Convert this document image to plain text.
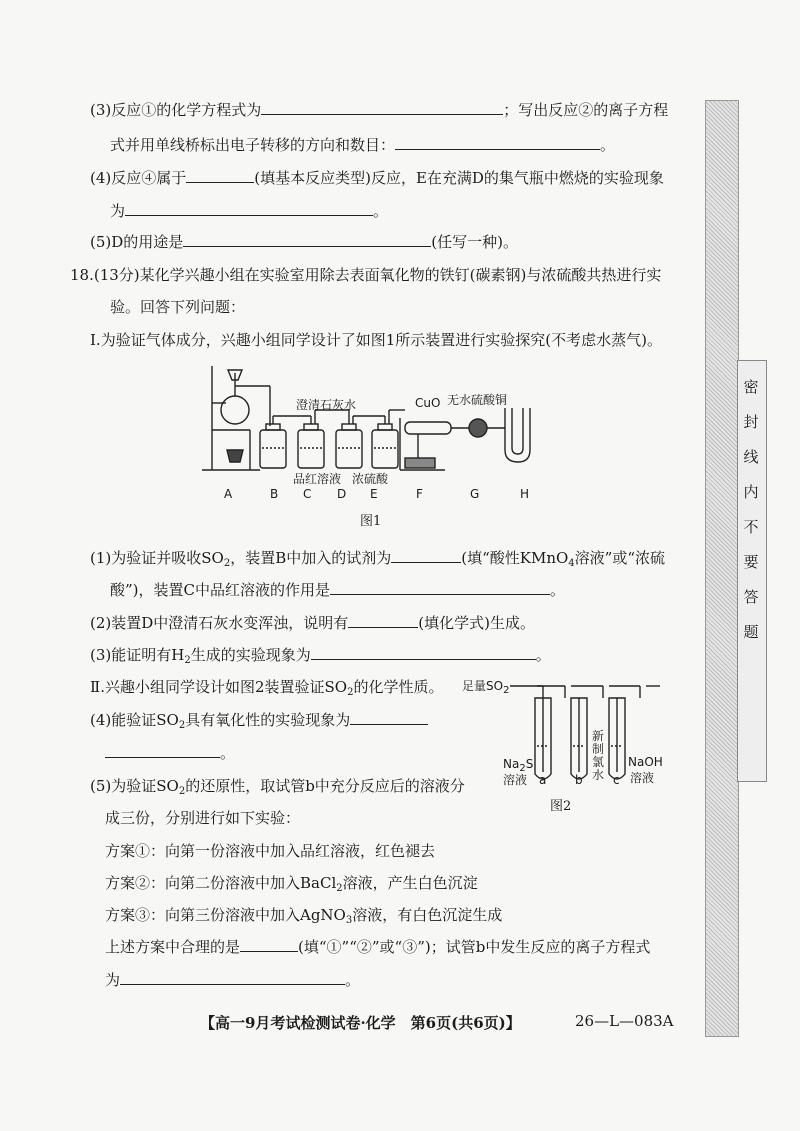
(3)反应①的化学方程式为	；写出反应②的离子方程
式并用单线桥标出电子转移的方向和数目：	。
(4)反应④属于	(填基本反应类型)反应，E在充满D的集气瓶中燃烧的实验现象
为	。
(5)D的用途是	(任写一种)。
18.(13分)某化学兴趣小组在实验室用除去表面氧化物的铁钉(碳素钢)与浓硫酸共热进行实
验。回答下列问题：
Ⅰ.为验证气体成分，兴趣小组同学设计了如图1所示装置进行实验探究(不考虑水蒸气)。
澄清石灰水	CuO 无水硫酸铜
品红溶液 浓硫酸
A	B C D E	F	G	H
图1
(1)为验证并吸收$SO_2$，装置B中加入的试剂为	(填“酸性KMnO$_4$溶液”或“浓硫
酸”)，装置C中品红溶液的作用是	。
(2)装置D中澄清石灰水变浑浊，说明有	(填化学式)生成。
(3)能证明有$H_2$生成的实验现象为	。
Ⅱ.兴趣小组同学设计如图2装置验证$SO_2$的化学性质。
(4)能验证$SO_2$具有氧化性的实验现象为
。
(5)为验证$SO_2$的还原性，取试管b中充分反应后的溶液分
成三份，分别进行如下实验：
方案①：向第一份溶液中加入品红溶液，红色褪去
方案②：向第二份溶液中加入BaCl$_2$溶液，产生白色沉淀
方案③：向第三份溶液中加入AgNO$_3$溶液，有白色沉淀生成
上述方案中合理的是	(填“①”“②”或“③”)；试管b中发生反应的离子方程式
为	。
足量$SO_2$
$Na_2S$
溶液 a b	c
新
制
氯
水
NaOH
溶液
图2
密
封
线
内
不
要
答
题
【高一9月考试检测试卷·化学　第6页(共6页)】	26—L—083A
